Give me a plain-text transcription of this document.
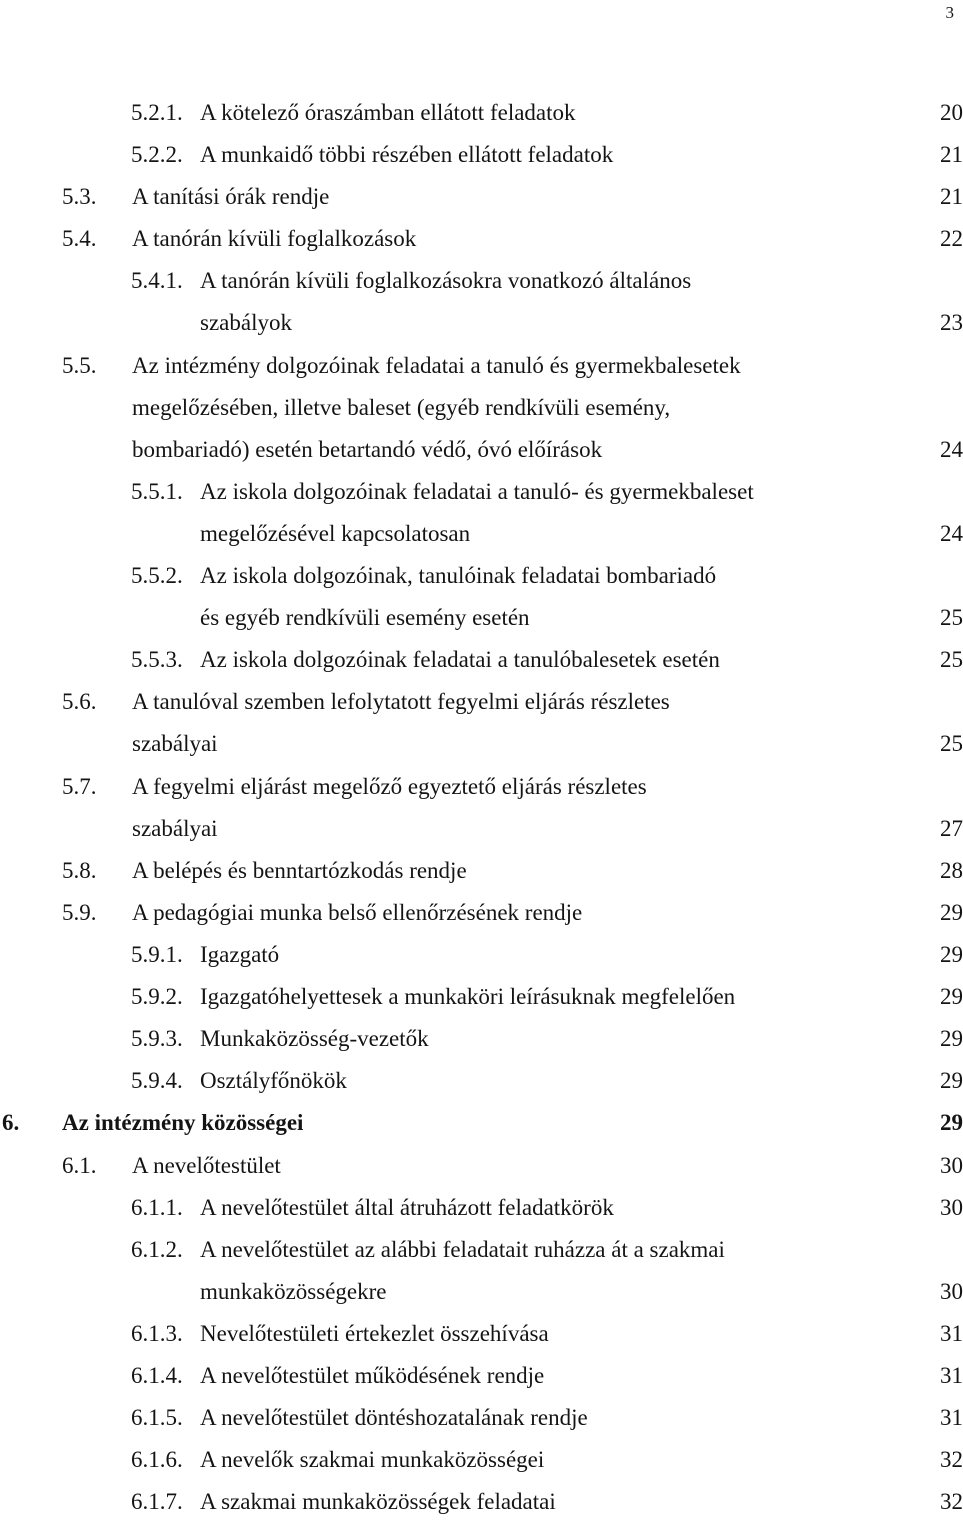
3
5.2.1. A kötelező óraszámban ellátott feladatok	20
5.2.2. A munkaidő többi részében ellátott feladatok	21
5.3. A tanítási órák rendje	21
5.4. A tanórán kívüli foglalkozások	22
5.4.1. A tanórán kívüli foglalkozásokra vonatkozó általános
szabályok	23
5.5. Az intézmény dolgozóinak feladatai a tanuló és gyermekbalesetek
megelőzésében, illetve baleset (egyéb rendkívüli esemény,
bombariadó) esetén betartandó védő, óvó előírások	24
5.5.1. Az iskola dolgozóinak feladatai a tanuló- és gyermekbaleset
megelőzésével kapcsolatosan	24
5.5.2. Az iskola dolgozóinak, tanulóinak feladatai bombariadó
és egyéb rendkívüli esemény esetén	25
5.5.3. Az iskola dolgozóinak feladatai a tanulóbalesetek esetén	25
5.6. A tanulóval szemben lefolytatott fegyelmi eljárás részletes
szabályai	25
5.7. A fegyelmi eljárást megelőző egyeztető eljárás részletes
szabályai	27
5.8. A belépés és benntartózkodás rendje	28
5.9. A pedagógiai munka belső ellenőrzésének rendje	29
5.9.1. Igazgató	29
5.9.2. Igazgatóhelyettesek a munkaköri leírásuknak megfelelően	29
5.9.3. Munkaközösség-vezetők	29
5.9.4. Osztályfőnökök	29
6. Az intézmény közösségei	29
6.1. A nevelőtestület	30
6.1.1. A nevelőtestület által átruházott feladatkörök	30
6.1.2. A nevelőtestület az alábbi feladatait ruházza át a szakmai
munkaközösségekre	30
6.1.3. Nevelőtestületi értekezlet összehívása	31
6.1.4. A nevelőtestület működésének rendje	31
6.1.5. A nevelőtestület döntéshozatalának rendje	31
6.1.6. A nevelők szakmai munkaközösségei	32
6.1.7. A szakmai munkaközösségek feladatai	32
